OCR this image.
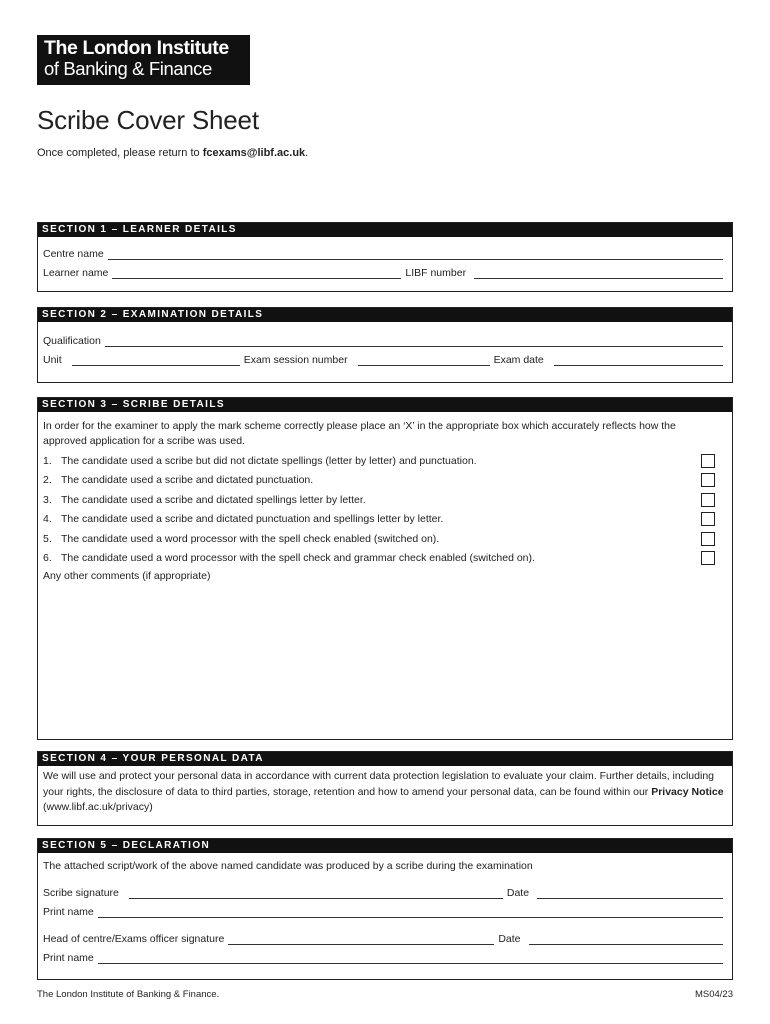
The London Institute
of Banking & Finance
Scribe Cover Sheet
Once completed, please return to fcexams@libf.ac.uk.
SECTION 1 – LEARNER DETAILS
Centre name
Learner name	LIBF number
SECTION 2 – EXAMINATION DETAILS
Qualification
Unit	Exam session number	Exam date
SECTION 3 – SCRIBE DETAILS
In order for the examiner to apply the mark scheme correctly please place an ‘X’ in the appropriate box which accurately reflects how the approved application for a scribe was used.
1. The candidate used a scribe but did not dictate spellings (letter by letter) and punctuation.
2. The candidate used a scribe and dictated punctuation.
3. The candidate used a scribe and dictated spellings letter by letter.
4. The candidate used a scribe and dictated punctuation and spellings letter by letter.
5. The candidate used a word processor with the spell check enabled (switched on).
6. The candidate used a word processor with the spell check and grammar check enabled (switched on).
Any other comments (if appropriate)
SECTION 4 – YOUR PERSONAL DATA
We will use and protect your personal data in accordance with current data protection legislation to evaluate your claim. Further details, including your rights, the disclosure of data to third parties, storage, retention and how to amend your personal data, can be found within our Privacy Notice (www.libf.ac.uk/privacy)
SECTION 5 – DECLARATION
The attached script/work of the above named candidate was produced by a scribe during the examination
Scribe signature	Date
Print name
Head of centre/Exams officer signature	Date
Print name
The London Institute of Banking & Finance.	MS04/23
